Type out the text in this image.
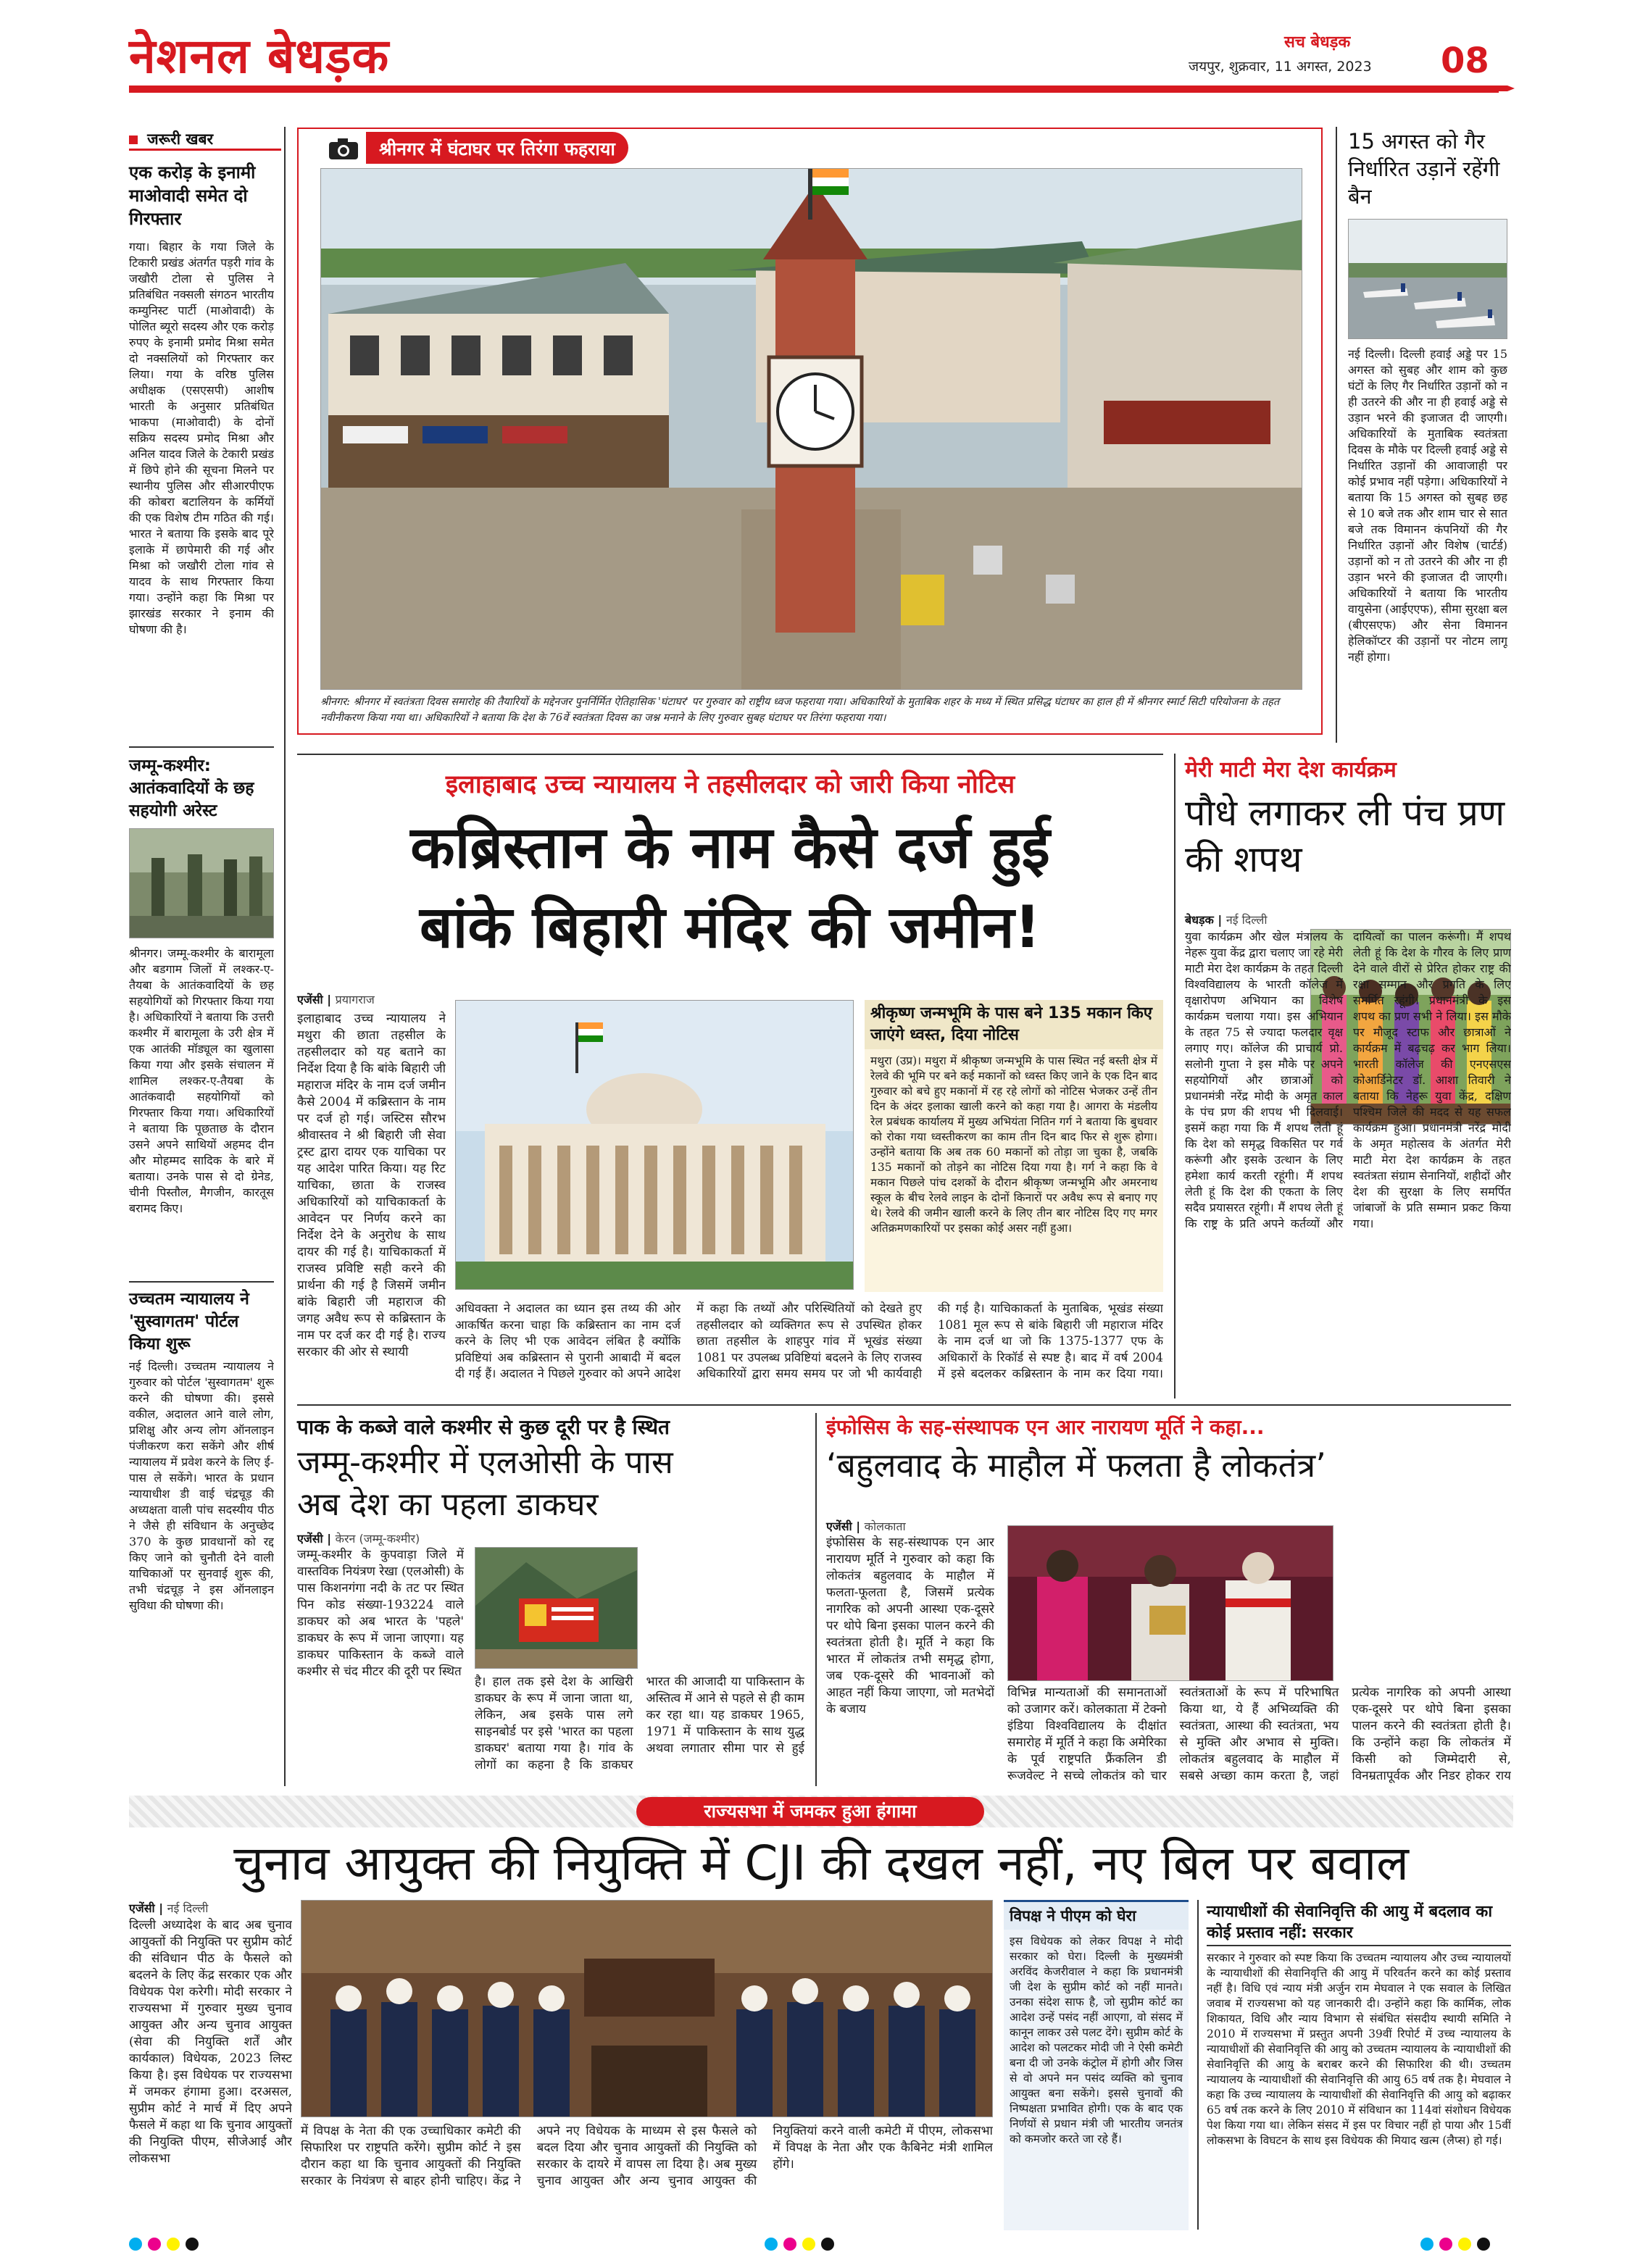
नेशनल बेधड़क	सच बेधड़क
जयपुर, शुक्रवार, 11 अगस्त, 2023 08
जरूरी खबर
एक करोड़ के इनामी माओवादी समेत दो गिरफ्तार
गया। बिहार के गया जिले के टिकारी प्रखंड अंतर्गत पड़री गांव के जखौरी टोला से पुलिस ने प्रतिबंधित नक्सली संगठन भारतीय कम्युनिस्ट पार्टी (माओवादी) के पोलित ब्यूरो सदस्य और एक करोड़ रुपए के इनामी प्रमोद मिश्रा समेत दो नक्सलियों को गिरफ्तार कर लिया। गया के वरिष्ठ पुलिस अधीक्षक (एसएसपी) आशीष भारती के अनुसार प्रतिबंधित भाकपा (माओवादी) के दोनों सक्रिय सदस्य प्रमोद मिश्रा और अनिल यादव जिले के टेकारी प्रखंड में छिपे होने की सूचना मिलने पर स्थानीय पुलिस और सीआरपीएफ की कोबरा बटालियन के कर्मियों की एक विशेष टीम गठित की गई। भारत ने बताया कि इसके बाद पूरे इलाके में छापेमारी की गई और मिश्रा को जखौरी टोला गांव से यादव के साथ गिरफ्तार किया गया। उन्होंने कहा कि मिश्रा पर झारखंड सरकार ने इनाम की घोषणा की है।
जम्मू-कश्मीर: आतंकवादियों के छह सहयोगी अरेस्ट
श्रीनगर। जम्मू-कश्मीर के बारामूला और बडगाम जिलों में लश्कर-ए-तैयबा के आतंकवादियों के छह सहयोगियों को गिरफ्तार किया गया है। अधिकारियों ने बताया कि उत्तरी कश्मीर में बारामूला के उरी क्षेत्र में एक आतंकी मॉड्यूल का खुलासा किया गया और इसके संचालन में शामिल लश्कर-ए-तैयबा के आतंकवादी सहयोगियों को गिरफ्तार किया गया। अधिकारियों ने बताया कि पूछताछ के दौरान उसने अपने साथियों अहमद दीन और मोहम्मद सादिक के बारे में बताया। उनके पास से दो ग्रेनेड, चीनी पिस्तौल, मैगजीन, कारतूस बरामद किए।
उच्चतम न्यायालय ने 'सुस्वागतम' पोर्टल किया शुरू
नई दिल्ली। उच्चतम न्यायालय ने गुरुवार को पोर्टल 'सुस्वागतम' शुरू करने की घोषणा की। इससे वकील, अदालत आने वाले लोग, प्रशिक्षु और अन्य लोग ऑनलाइन पंजीकरण करा सकेंगे और शीर्ष न्यायालय में प्रवेश करने के लिए ई-पास ले सकेंगे। भारत के प्रधान न्यायाधीश डी वाई चंद्रचूड़ की अध्यक्षता वाली पांच सदस्यीय पीठ ने जैसे ही संविधान के अनुच्छेद 370 के कुछ प्रावधानों को रद्द किए जाने को चुनौती देने वाली याचिकाओं पर सुनवाई शुरू की, तभी चंद्रचूड़ ने इस ऑनलाइन सुविधा की घोषणा की।
श्रीनगर में घंटाघर पर तिरंगा फहराया
श्रीनगर: श्रीनगर में स्वतंत्रता दिवस समारोह की तैयारियों के मद्देनजर पुनर्निर्मित ऐतिहासिक 'घंटाघर' पर गुरुवार को राष्ट्रीय ध्वज फहराया गया। अधिकारियों के मुताबिक शहर के मध्य में स्थित प्रसिद्ध घंटाघर का हाल ही में श्रीनगर स्मार्ट सिटी परियोजना के तहत नवीनीकरण किया गया था। अधिकारियों ने बताया कि देश के 76वें स्वतंत्रता दिवस का जश्न मनाने के लिए गुरुवार सुबह घंटाघर पर तिरंगा फहराया गया।
15 अगस्त को गैर निर्धारित उड़ानें रहेंगी बैन
नई दिल्ली। दिल्ली हवाई अड्डे पर 15 अगस्त को सुबह और शाम को कुछ घंटों के लिए गैर निर्धारित उड़ानों को न ही उतरने की और ना ही हवाई अड्डे से उड़ान भरने की इजाजत दी जाएगी। अधिकारियों के मुताबिक स्वतंत्रता दिवस के मौके पर दिल्ली हवाई अड्डे से निर्धारित उड़ानों की आवाजाही पर कोई प्रभाव नहीं पड़ेगा। अधिकारियों ने बताया कि 15 अगस्त को सुबह छह से 10 बजे तक और शाम चार से सात बजे तक विमानन कंपनियों की गैर निर्धारित उड़ानों और विशेष (चार्टर्ड) उड़ानों को न तो उतरने की और ना ही उड़ान भरने की इजाजत दी जाएगी। अधिकारियों ने बताया कि भारतीय वायुसेना (आईएएफ), सीमा सुरक्षा बल (बीएसएफ) और सेना विमानन हेलिकॉप्टर की उड़ानों पर नोटम लागू नहीं होगा।
इलाहाबाद उच्च न्यायालय ने तहसीलदार को जारी किया नोटिस
कब्रिस्तान के नाम कैसे दर्ज हुई
बांके बिहारी मंदिर की जमीन!
एजेंसी | प्रयागराज
इलाहाबाद उच्च न्यायालय ने मथुरा की छाता तहसील के तहसीलदार को यह बताने का निर्देश दिया है कि बांके बिहारी जी महाराज मंदिर के नाम दर्ज जमीन कैसे 2004 में कब्रिस्तान के नाम पर दर्ज हो गई। जस्टिस सौरभ श्रीवास्तव ने श्री बिहारी जी सेवा ट्रस्ट द्वारा दायर एक याचिका पर यह आदेश पारित किया। यह रिट याचिका, छाता के राजस्व अधिकारियों को याचिकाकर्ता के आवेदन पर निर्णय करने का निर्देश देने के अनुरोध के साथ दायर की गई है। याचिकाकर्ता में राजस्व प्रविष्टि सही करने की प्रार्थना की गई है जिसमें जमीन बांके बिहारी जी महाराज की जगह अवैध रूप से कब्रिस्तान के नाम पर दर्ज कर दी गई है। राज्य सरकार की ओर से स्थायी
श्रीकृष्ण जन्मभूमि के पास बने 135 मकान किए जाएंगे ध्वस्त, दिया नोटिस
मथुरा (उप्र)। मथुरा में श्रीकृष्ण जन्मभूमि के पास स्थित नई बस्ती क्षेत्र में रेलवे की भूमि पर बने कई मकानों को ध्वस्त किए जाने के एक दिन बाद गुरुवार को बचे हुए मकानों में रह रहे लोगों को नोटिस भेजकर उन्हें तीन दिन के अंदर इलाका खाली करने को कहा गया है। आगरा के मंडलीय रेल प्रबंधक कार्यालय में मुख्य अभियंता नितिन गर्ग ने बताया कि बुधवार को रोका गया ध्वस्तीकरण का काम तीन दिन बाद फिर से शुरू होगा। उन्होंने बताया कि अब तक 60 मकानों को तोड़ा जा चुका है, जबकि 135 मकानों को तोड़ने का नोटिस दिया गया है। गर्ग ने कहा कि वे मकान पिछले पांच दशकों के दौरान श्रीकृष्ण जन्मभूमि और अमरनाथ स्कूल के बीच रेलवे लाइन के दोनों किनारों पर अवैध रूप से बनाए गए थे। रेलवे की जमीन खाली करने के लिए तीन बार नोटिस दिए गए मगर अतिक्रमणकारियों पर इसका कोई असर नहीं हुआ।
अधिवक्ता ने अदालत का ध्यान इस तथ्य की ओर आकर्षित करना चाहा कि कब्रिस्तान का नाम दर्ज करने के लिए भी एक आवेदन लंबित है क्योंकि प्रविष्टियां अब कब्रिस्तान से पुरानी आबादी में बदल दी गई हैं। अदालत ने पिछले गुरुवार को अपने आदेश में कहा कि तथ्यों और परिस्थितियों को देखते हुए तहसीलदार को व्यक्तिगत रूप से उपस्थित होकर छाता तहसील के शाहपुर गांव में भूखंड संख्या 1081 पर उपलब्ध प्रविष्टियां बदलने के लिए राजस्व अधिकारियों द्वारा समय समय पर जो भी कार्यवाही की गई है। याचिकाकर्ता के मुताबिक, भूखंड संख्या 1081 मूल रूप से बांके बिहारी जी महाराज मंदिर के नाम दर्ज था जो कि 1375-1377 एफ के अधिकारों के रिकॉर्ड से स्पष्ट है। बाद में वर्ष 2004 में इसे बदलकर कब्रिस्तान के नाम कर दिया गया।
मेरी माटी मेरा देश कार्यक्रम
पौधे लगाकर ली पंच प्रण की शपथ
बेधड़क | नई दिल्ली
युवा कार्यक्रम और खेल मंत्रालय के नेहरू युवा केंद्र द्वारा चलाए जा रहे मेरी माटी मेरा देश कार्यक्रम के तहत दिल्ली विश्वविद्यालय के भारती कॉलेज में वृक्षारोपण अभियान का विशेष कार्यक्रम चलाया गया। इस अभियान के तहत 75 से ज्यादा फलदार वृक्ष लगाए गए। कॉलेज की प्राचार्य प्रो. सलोनी गुप्ता ने इस मौके पर अपने सहयोगियों और छात्राओं को प्रधानमंत्री नरेंद्र मोदी के अमृत काल के पंच प्रण की शपथ भी दिलवाई। इसमें कहा गया कि मैं शपथ लेती हूं कि देश को समृद्ध विकसित पर गर्व करूंगी और इसके उत्थान के लिए हमेशा कार्य करती रहूंगी। मैं शपथ लेती हूं कि देश की एकता के लिए सदैव प्रयासरत रहूंगी। मैं शपथ लेती हूं कि राष्ट्र के प्रति अपने कर्तव्यों और दायित्वों का पालन करूंगी। मैं शपथ लेती हूं कि देश के गौरव के लिए प्राण देने वाले वीरों से प्रेरित होकर राष्ट्र की रक्षा सम्मान और प्रगति के लिए समर्पित रहूंगी। प्रधानमंत्री के इस शपथ का प्रण सभी ने लिया। इस मौके पर मौजूद स्टाफ और छात्राओं ने कार्यक्रम में बढ़चढ़ कर भाग लिया। भारती कॉलेज की एनएसएस कोआर्डिनेटर डॉ. आशा तिवारी ने बताया कि नेहरू युवा केंद्र, दक्षिण पश्चिम जिले की मदद से यह सफल कार्यक्रम हुआ। प्रधानमंत्री नरेंद्र मोदी के अमृत महोत्सव के अंतर्गत मेरी माटी मेरा देश कार्यक्रम के तहत स्वतंत्रता संग्राम सेनानियों, शहीदों और देश की सुरक्षा के लिए समर्पित जांबाजों के प्रति सम्मान प्रकट किया गया।
पाक के कब्जे वाले कश्मीर से कुछ दूरी पर है स्थित
जम्मू-कश्मीर में एलओसी के पास
अब देश का पहला डाकघर
एजेंसी | केरन (जम्मू-कश्मीर)
जम्मू-कश्मीर के कुपवाड़ा जिले में वास्तविक नियंत्रण रेखा (एलओसी) के पास किशनगंगा नदी के तट पर स्थित पिन कोड संख्या-193224 वाले डाकघर को अब भारत के 'पहले' डाकघर के रूप में जाना जाएगा। यह डाकघर पाकिस्तान के कब्जे वाले कश्मीर से चंद मीटर की दूरी पर स्थित
है। हाल तक इसे देश के आखिरी डाकघर के रूप में जाना जाता था, लेकिन, अब इसके पास लगे साइनबोर्ड पर इसे 'भारत का पहला डाकघर' बताया गया है। गांव के लोगों का कहना है कि डाकघर भारत की आजादी या पाकिस्तान के अस्तित्व में आने से पहले से ही काम कर रहा था। यह डाकघर 1965, 1971 में पाकिस्तान के साथ युद्ध अथवा लगातार सीमा पार से हुई
इंफोसिस के सह-संस्थापक एन आर नारायण मूर्ति ने कहा...
‘बहुलवाद के माहौल में फलता है लोकतंत्र’
एजेंसी | कोलकाता
इंफोसिस के सह-संस्थापक एन आर नारायण मूर्ति ने गुरुवार को कहा कि लोकतंत्र बहुलवाद के माहौल में फलता-फूलता है, जिसमें प्रत्येक नागरिक को अपनी आस्था एक-दूसरे पर थोपे बिना इसका पालन करने की स्वतंत्रता होती है। मूर्ति ने कहा कि भारत में लोकतंत्र तभी समृद्ध होगा, जब एक-दूसरे की भावनाओं को आहत नहीं किया जाएगा, जो मतभेदों के बजाय
विभिन्न मान्यताओं की समानताओं को उजागर करें। कोलकाता में टेक्नो इंडिया विश्वविद्यालय के दीक्षांत समारोह में मूर्ति ने कहा कि अमेरिका के पूर्व राष्ट्रपति फ्रैंकलिन डी रूजवेल्ट ने सच्चे लोकतंत्र को चार स्वतंत्रताओं के रूप में परिभाषित किया था, ये हैं अभिव्यक्ति की स्वतंत्रता, आस्था की स्वतंत्रता, भय से मुक्ति और अभाव से मुक्ति। लोकतंत्र बहुलवाद के माहौल में सबसे अच्छा काम करता है, जहां प्रत्येक नागरिक को अपनी आस्था एक-दूसरे पर थोपे बिना इसका पालन करने की स्वतंत्रता होती है। कि उन्होंने कहा कि लोकतंत्र में किसी को जिम्मेदारी से, विनम्रतापूर्वक और निडर होकर राय
राज्यसभा में जमकर हुआ हंगामा
चुनाव आयुक्त की नियुक्ति में CJI की दखल नहीं, नए बिल पर बवाल
एजेंसी | नई दिल्ली
दिल्ली अध्यादेश के बाद अब चुनाव आयुक्तों की नियुक्ति पर सुप्रीम कोर्ट की संविधान पीठ के फैसले को बदलने के लिए केंद्र सरकार एक और विधेयक पेश करेगी। मोदी सरकार ने राज्यसभा में गुरुवार मुख्य चुनाव आयुक्त और अन्य चुनाव आयुक्त (सेवा की नियुक्ति शर्तें और कार्यकाल) विधेयक, 2023 लिस्ट किया है। इस विधेयक पर राज्यसभा में जमकर हंगामा हुआ। दरअसल, सुप्रीम कोर्ट ने मार्च में दिए अपने फैसले में कहा था कि चुनाव आयुक्तों की नियुक्ति पीएम, सीजेआई और लोकसभा
में विपक्ष के नेता की एक उच्चाधिकार कमेटी की सिफारिश पर राष्ट्रपति करेंगे। सुप्रीम कोर्ट ने इस दौरान कहा था कि चुनाव आयुक्तों की नियुक्ति सरकार के नियंत्रण से बाहर होनी चाहिए। केंद्र ने अपने नए विधेयक के माध्यम से इस फैसले को बदल दिया और चुनाव आयुक्तों की नियुक्ति को सरकार के दायरे में वापस ला दिया है। अब मुख्य चुनाव आयुक्त और अन्य चुनाव आयुक्त की नियुक्तियां करने वाली कमेटी में पीएम, लोकसभा में विपक्ष के नेता और एक कैबिनेट मंत्री शामिल होंगे।
विपक्ष ने पीएम को घेरा
इस विधेयक को लेकर विपक्ष ने मोदी सरकार को घेरा। दिल्ली के मुख्यमंत्री अरविंद केजरीवाल ने कहा कि प्रधानमंत्री जी देश के सुप्रीम कोर्ट को नहीं मानते। उनका संदेश साफ है, जो सुप्रीम कोर्ट का आदेश उन्हें पसंद नहीं आएगा, वो संसद में कानून लाकर उसे पलट देंगे। सुप्रीम कोर्ट के आदेश को पलटकर मोदी जी ने ऐसी कमेटी बना दी जो उनके कंट्रोल में होगी और जिस से वो अपने मन पसंद व्यक्ति को चुनाव आयुक्त बना सकेंगे। इससे चुनावों की निष्पक्षता प्रभावित होगी। एक के बाद एक निर्णयों से प्रधान मंत्री जी भारतीय जनतंत्र को कमजोर करते जा रहे हैं।
न्यायाधीशों की सेवानिवृत्ति की आयु में बदलाव का कोई प्रस्ताव नहीं: सरकार
सरकार ने गुरुवार को स्पष्ट किया कि उच्चतम न्यायालय और उच्च न्यायालयों के न्यायाधीशों की सेवानिवृत्ति की आयु में परिवर्तन करने का कोई प्रस्ताव नहीं है। विधि एवं न्याय मंत्री अर्जुन राम मेघवाल ने एक सवाल के लिखित जवाब में राज्यसभा को यह जानकारी दी। उन्होंने कहा कि कार्मिक, लोक शिकायत, विधि और न्याय विभाग से संबंधित संसदीय स्थायी समिति ने 2010 में राज्यसभा में प्रस्तुत अपनी 39वीं रिपोर्ट में उच्च न्यायालय के न्यायाधीशों की सेवानिवृत्ति की आयु को उच्चतम न्यायालय के न्यायाधीशों की सेवानिवृत्ति की आयु के बराबर करने की सिफारिश की थी। उच्चतम न्यायालय के न्यायाधीशों की सेवानिवृत्ति की आयु 65 वर्ष तक है। मेघवाल ने कहा कि उच्च न्यायालय के न्यायाधीशों की सेवानिवृत्ति की आयु को बढ़ाकर 65 वर्ष तक करने के लिए 2010 में संविधान का 114वां संशोधन विधेयक पेश किया गया था। लेकिन संसद में इस पर विचार नहीं हो पाया और 15वीं लोकसभा के विघटन के साथ इस विधेयक की मियाद खत्म (लैप्स) हो गई।
